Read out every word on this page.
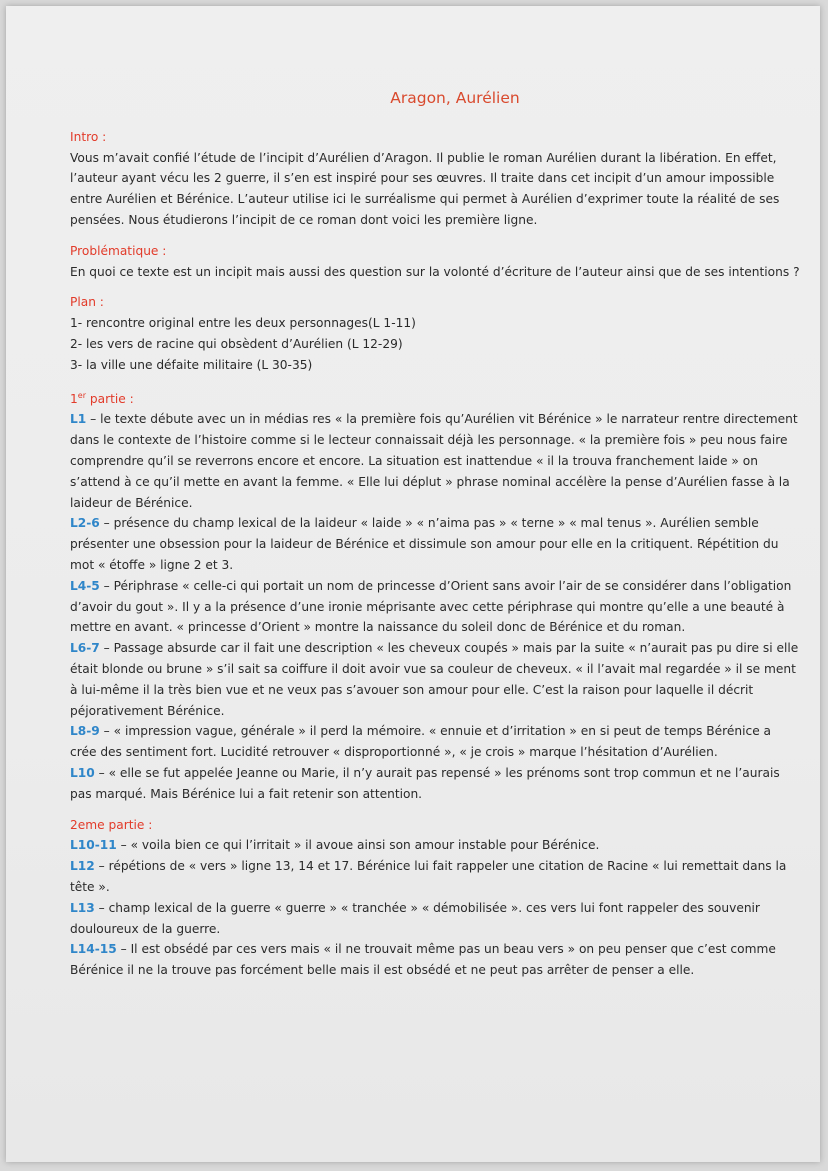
Aragon, Aurélien
Intro :

Vous m’avait confié l’étude de l’incipit d’Aurélien d’Aragon. Il publie le roman Aurélien durant la libération. En effet, l’auteur ayant vécu les 2 guerre, il s’en est inspiré pour ses œuvres. Il traite dans cet incipit d’un amour impossible entre Aurélien et Bérénice. L’auteur utilise ici le surréalisme qui permet à Aurélien d’exprimer toute la réalité de ses pensées. Nous étudierons l’incipit de ce roman dont voici les première ligne.

Problématique :

En quoi ce texte est un incipit mais aussi des question sur la volonté d’écriture de l’auteur ainsi que de ses intentions ?

Plan :

1- rencontre original entre les deux personnages(L 1-11)

2- les vers de racine qui obsèdent d’Aurélien (L 12-29)

3- la ville une défaite militaire (L 30-35)

1er partie :

L1 – le texte débute avec un in médias res « la première fois qu’Aurélien vit Bérénice » le narrateur rentre directement dans le contexte de l’histoire comme si le lecteur connaissait déjà les personnage. « la première fois » peu nous faire comprendre qu’il se reverrons encore et encore. La situation est inattendue « il la trouva franchement laide » on s’attend à ce qu’il mette en avant la femme. « Elle lui déplut » phrase nominal accélère la pense d’Aurélien fasse à la laideur de Bérénice.

L2-6 – présence du champ lexical de la laideur « laide » « n’aima pas » « terne » « mal tenus ». Aurélien semble présenter une obsession pour la laideur de Bérénice et dissimule son amour pour elle en la critiquent. Répétition du mot « étoffe » ligne 2 et 3.

L4-5 – Périphrase « celle-ci qui portait un nom de princesse d’Orient sans avoir l’air de se considérer dans l’obligation d’avoir du gout ». Il y a la présence d’une ironie méprisante avec cette périphrase qui montre qu’elle a une beauté à mettre en avant. « princesse d’Orient » montre la naissance du soleil donc de Bérénice et du roman.

L6-7 – Passage absurde car il fait une description « les cheveux coupés » mais par la suite « n’aurait pas pu dire si elle était blonde ou brune » s’il sait sa coiffure il doit avoir vue sa couleur de cheveux. « il l’avait mal regardée » il se ment à lui-même il la très bien vue et ne veux pas s’avouer son amour pour elle. C’est la raison pour laquelle il décrit péjorativement Bérénice.

L8-9 – « impression vague, générale » il perd la mémoire. « ennuie et d’irritation » en si peut de temps Bérénice a crée des sentiment fort. Lucidité retrouver « disproportionné », « je crois » marque l’hésitation d’Aurélien.

L10 – « elle se fut appelée Jeanne ou Marie, il n’y aurait pas repensé » les prénoms sont trop commun et ne l’aurais pas marqué. Mais Bérénice lui a fait retenir son attention.

2eme partie :

L10-11 – « voila bien ce qui l’irritait » il avoue ainsi son amour instable pour Bérénice.

L12 – répétions de « vers » ligne 13, 14 et 17. Bérénice lui fait rappeler une citation de Racine « lui remettait dans la tête ».

L13 – champ lexical de la guerre « guerre » « tranchée » « démobilisée ». ces vers lui font rappeler des souvenir douloureux de la guerre.

L14-15 – Il est obsédé par ces vers mais « il ne trouvait même pas un beau vers » on peu penser que c’est comme Bérénice il ne la trouve pas forcément belle mais il est obsédé et ne peut pas arrêter de penser a elle.
